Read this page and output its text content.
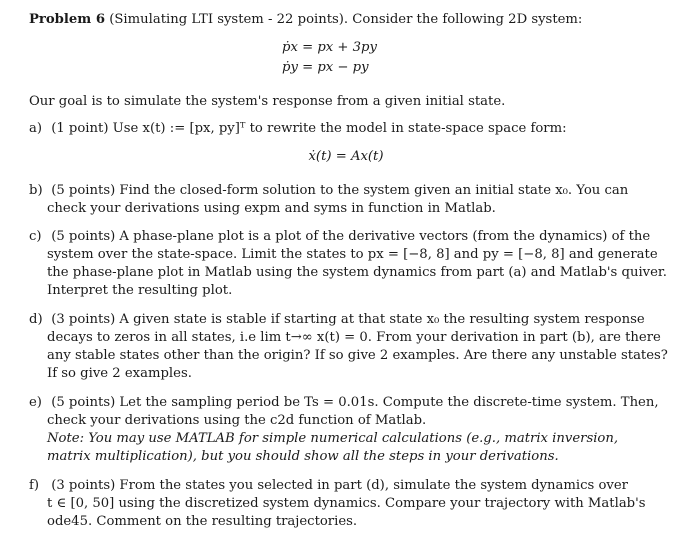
Problem 6 (Simulating LTI system - 22 points). Consider the following 2D system:
ṗx = px + 3py
ṗy = px − py
Our goal is to simulate the system's response from a given initial state.
a) (1 point) Use x(t) := [px, py]ᵀ to rewrite the model in state-space space form:
ẋ(t) = Ax(t)
b) (5 points) Find the closed-form solution to the system given an initial state x₀. You can
check your derivations using expm and syms in function in Matlab.
c) (5 points) A phase-plane plot is a plot of the derivative vectors (from the dynamics) of the
system over the state-space. Limit the states to px = [−8, 8] and py = [−8, 8] and generate
the phase-plane plot in Matlab using the system dynamics from part (a) and Matlab's quiver.
Interpret the resulting plot.
d) (3 points) A given state is stable if starting at that state x₀ the resulting system response
decays to zeros in all states, i.e lim t→∞ x(t) = 0. From your derivation in part (b), are there
any stable states other than the origin? If so give 2 examples. Are there any unstable states?
If so give 2 examples.
e) (5 points) Let the sampling period be Ts = 0.01s. Compute the discrete-time system. Then,
check your derivations using the c2d function of Matlab.
Note: You may use MATLAB for simple numerical calculations (e.g., matrix inversion,
matrix multiplication), but you should show all the steps in your derivations.
f) (3 points) From the states you selected in part (d), simulate the system dynamics over
t ∈ [0, 50] using the discretized system dynamics. Compare your trajectory with Matlab's
ode45. Comment on the resulting trajectories.
